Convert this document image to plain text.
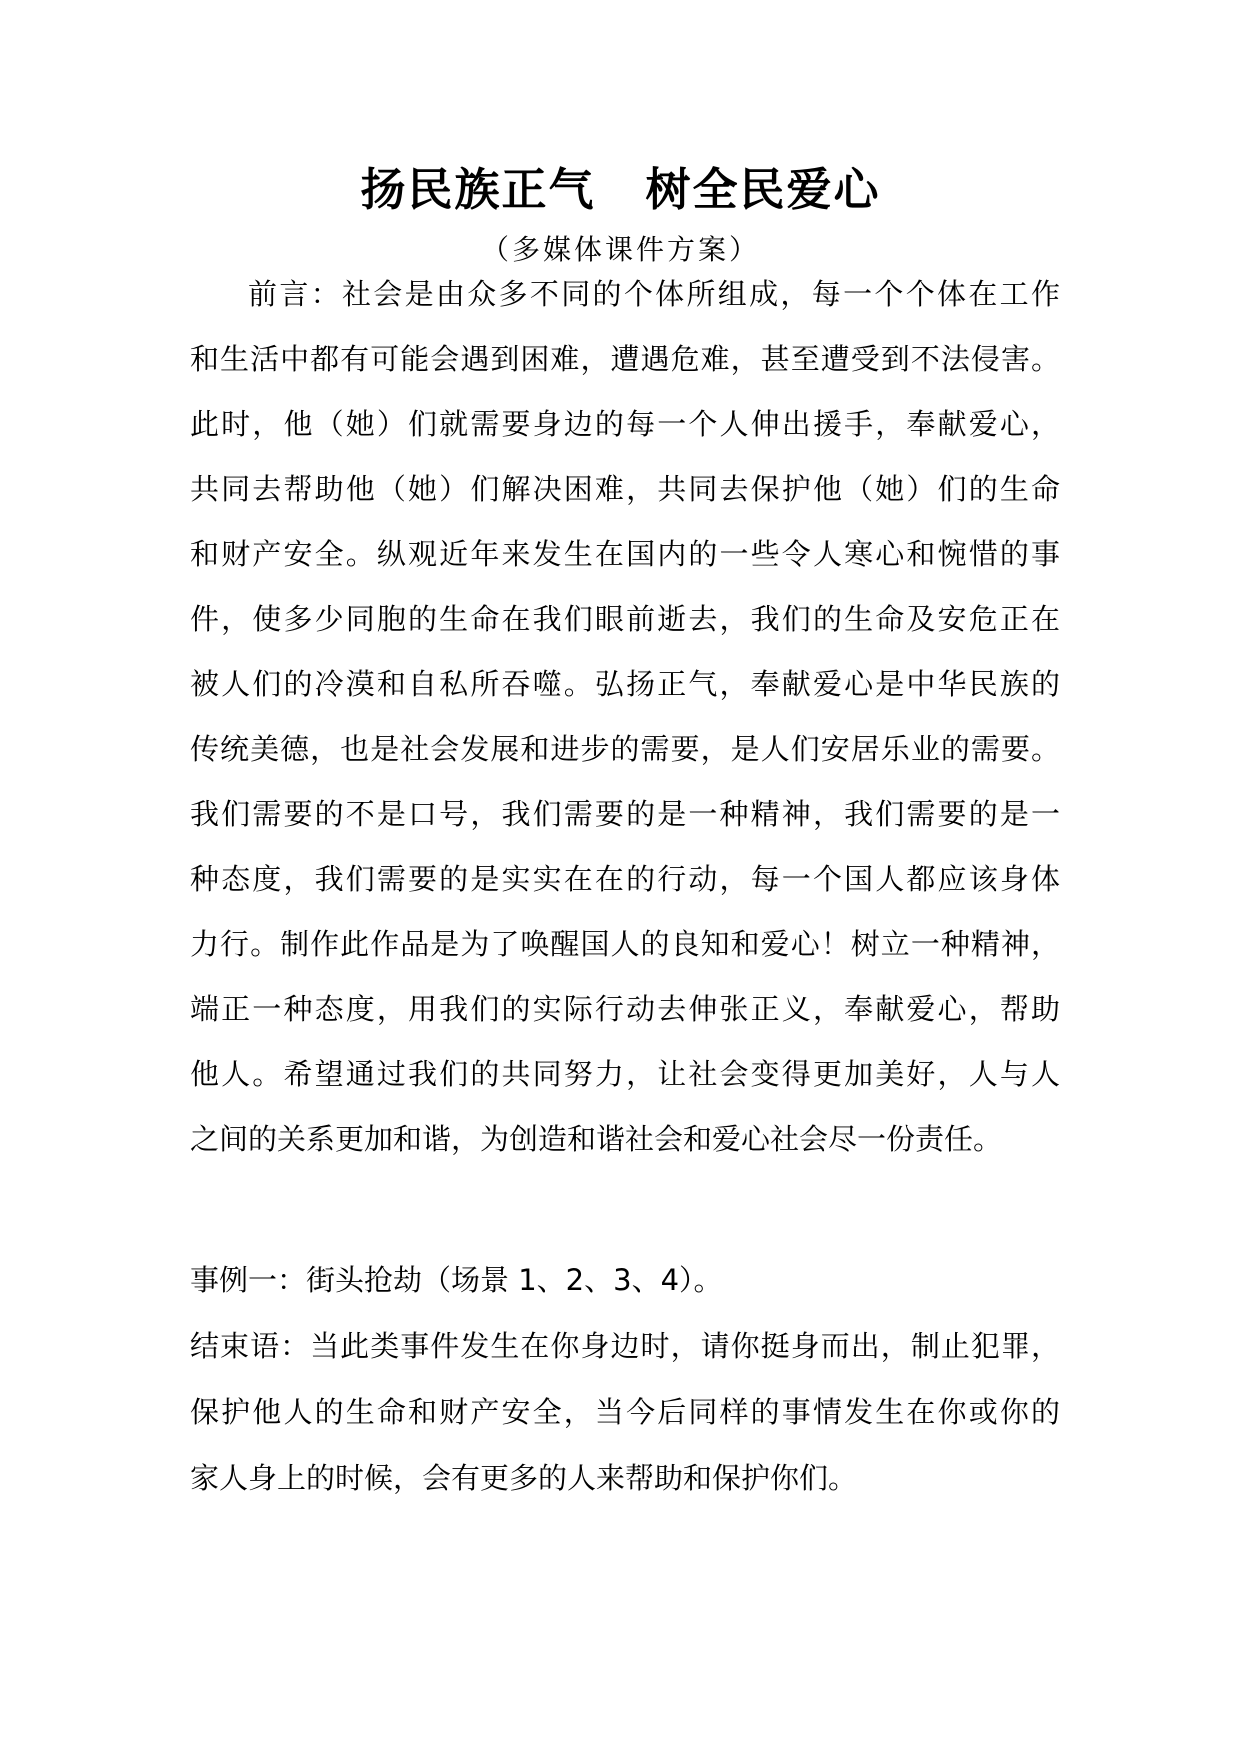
扬民族正气 树全民爱心
（多媒体课件方案）
前言：社会是由众多不同的个体所组成，每一个个体在工作
和生活中都有可能会遇到困难，遭遇危难，甚至遭受到不法侵害。
此时，他（她）们就需要身边的每一个人伸出援手，奉献爱心，
共同去帮助他（她）们解决困难，共同去保护他（她）们的生命
和财产安全。纵观近年来发生在国内的一些令人寒心和惋惜的事
件，使多少同胞的生命在我们眼前逝去，我们的生命及安危正在
被人们的冷漠和自私所吞噬。弘扬正气，奉献爱心是中华民族的
传统美德，也是社会发展和进步的需要，是人们安居乐业的需要。
我们需要的不是口号，我们需要的是一种精神，我们需要的是一
种态度，我们需要的是实实在在的行动，每一个国人都应该身体
力行。制作此作品是为了唤醒国人的良知和爱心！树立一种精神，
端正一种态度，用我们的实际行动去伸张正义，奉献爱心，帮助
他人。希望通过我们的共同努力，让社会变得更加美好，人与人
之间的关系更加和谐，为创造和谐社会和爱心社会尽一份责任。
事例一：街头抢劫（场景 1、2、3、4）。
结束语：当此类事件发生在你身边时，请你挺身而出，制止犯罪，
保护他人的生命和财产安全，当今后同样的事情发生在你或你的
家人身上的时候，会有更多的人来帮助和保护你们。
